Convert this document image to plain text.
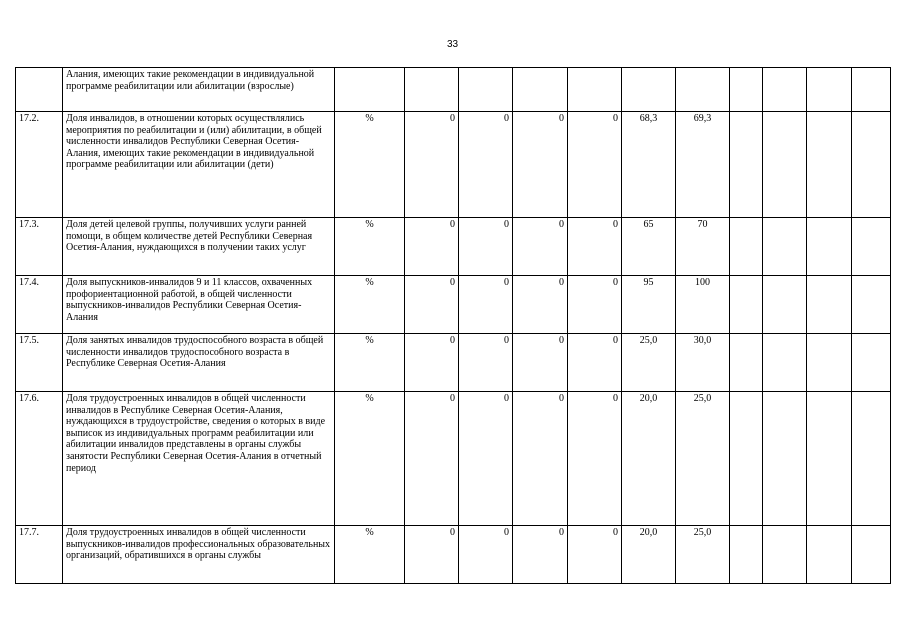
33
	Алания, имеющих такие рекомендации в индивидуальной программе реабилитации или абилитации (взрослые)											
17.2.	Доля инвалидов, в отношении которых осуществлялись мероприятия по реабилитации и (или) абилитации, в общей численности инвалидов Республики Северная Осетия-Алания, имеющих такие рекомендации в индивидуальной программе реабилитации или абилитации (дети)	%	0	0	0	0	68,3	69,3				
17.3.	Доля детей целевой группы, получивших услуги ранней помощи, в общем количестве детей Республики Северная Осетия-Алания, нуждающихся в получении таких услуг	%	0	0	0	0	65	70				
17.4.	Доля выпускников-инвалидов 9 и 11 классов, охваченных профориентационной работой, в общей численности выпускников-инвалидов Республики Северная Осетия-Алания	%	0	0	0	0	95	100				
17.5.	Доля занятых инвалидов трудоспособного возраста в общей численности инвалидов трудоспособного возраста в Республике Северная Осетия-Алания	%	0	0	0	0	25,0	30,0				
17.6.	Доля трудоустроенных инвалидов в общей численности инвалидов в Республике Северная Осетия-Алания, нуждающихся в трудоустройстве, сведения о которых в виде выписок из индивидуальных программ реабилитации или абилитации инвалидов представлены в органы службы занятости Республики Северная Осетия-Алания в отчетный период	%	0	0	0	0	20,0	25,0				
17.7.	Доля трудоустроенных инвалидов в общей численности выпускников-инвалидов профессиональных образовательных организаций, обратившихся в органы службы	%	0	0	0	0	20,0	25,0				
